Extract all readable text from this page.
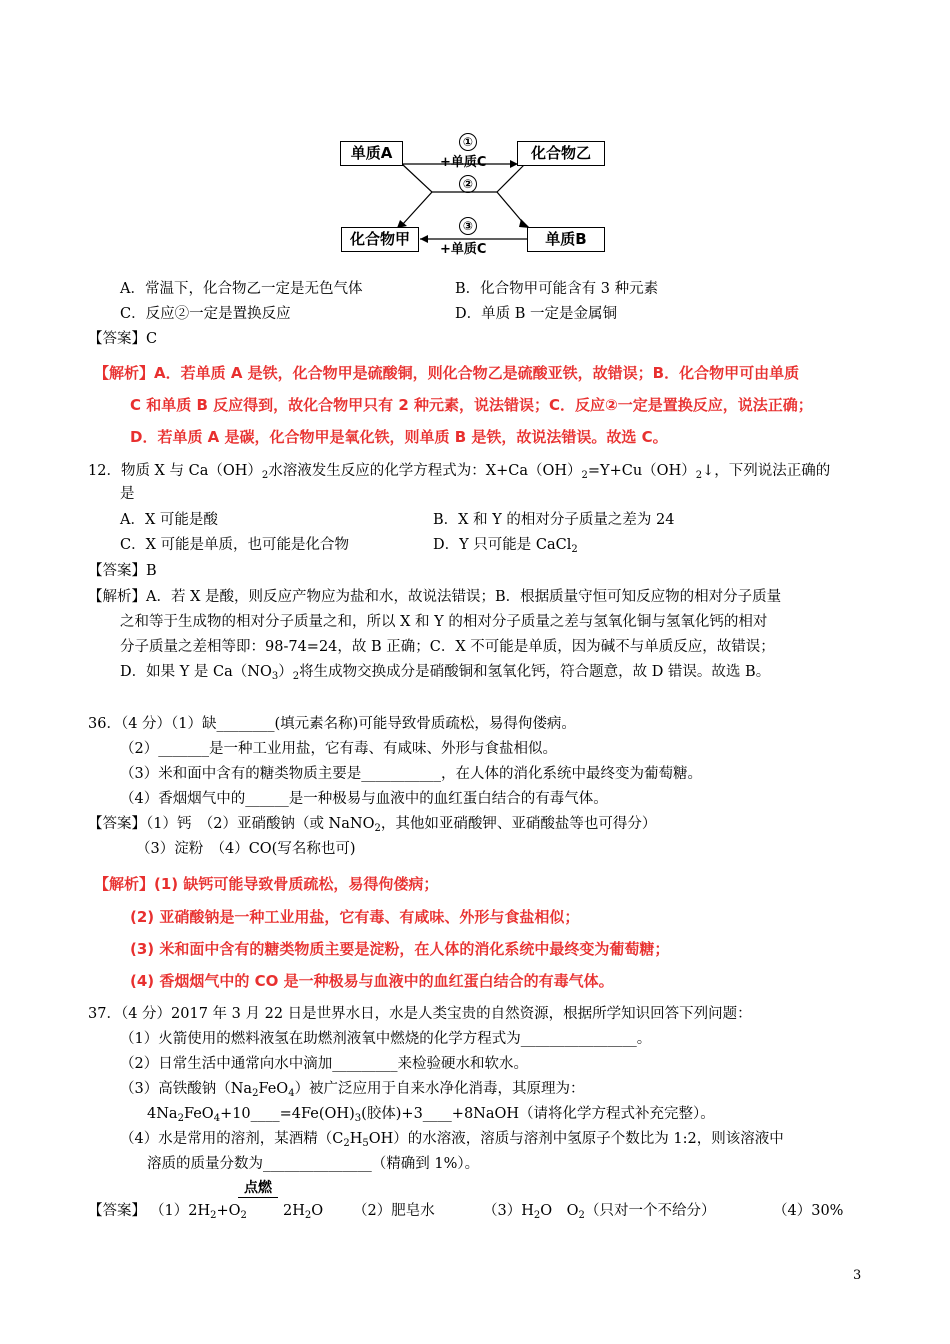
单质A	化合物乙
化合物甲	单质B
①
+单质C
②
③
+单质C
A．常温下，化合物乙一定是无色气体	B．化合物甲可能含有 3 种元素
C．反应②一定是置换反应	D．单质 B 一定是金属铜
【答案】C
【解析】A．若单质 A 是铁，化合物甲是硫酸铜，则化合物乙是硫酸亚铁，故错误；B．化合物甲可由单质
C 和单质 B 反应得到，故化合物甲只有 2 种元素，说法错误；C．反应②一定是置换反应，说法正确；
D．若单质 A 是碳，化合物甲是氧化铁，则单质 B 是铁，故说法错误。故选 C。
12．物质 X 与 $Ca(OH)_2$水溶液发生反应的化学方程式为：$X+Ca(OH)_2=Y+Cu(OH)_2↓$，下列说法正确的
是
A．X 可能是酸	B．X 和 Y 的相对分子质量之差为 24
C．X 可能是单质，也可能是化合物	D．Y 只可能是 CaCl$_2$
【答案】B
【解析】A．若 X 是酸，则反应产物应为盐和水，故说法错误；B．根据质量守恒可知反应物的相对分子质量
之和等于生成物的相对分子质量之和，所以 X 和 Y 的相对分子质量之差与氢氧化铜与氢氧化钙的相对
分子质量之差相等即：98-74=24，故 B 正确；C．X 不可能是单质，因为碱不与单质反应，故错误；
D．如果 Y 是 $Ca(NO_3)_2$将生成物交换成分是硝酸铜和氢氧化钙，符合题意，故 D 错误。故选 B。
36．（4 分）（1）缺________(填元素名称)可能导致骨质疏松，易得佝偻病。
（2）_______是一种工业用盐，它有毒、有咸味、外形与食盐相似。
（3）米和面中含有的糖类物质主要是___________，在人体的消化系统中最终变为葡萄糖。
（4）香烟烟气中的______是一种极易与血液中的血红蛋白结合的有毒气体。
【答案】（1）钙　（2）亚硝酸钠（或 NaNO$_2$，其他如亚硝酸钾、亚硝酸盐等也可得分）
（3）淀粉　（4）CO(写名称也可)
【解析】(1) 缺钙可能导致骨质疏松，易得佝偻病；
(2) 亚硝酸钠是一种工业用盐，它有毒、有咸味、外形与食盐相似；
(3) 米和面中含有的糖类物质主要是淀粉，在人体的消化系统中最终变为葡萄糖；
(4) 香烟烟气中的 CO 是一种极易与血液中的血红蛋白结合的有毒气体。
37．（4 分）2017 年 3 月 22 日是世界水日，水是人类宝贵的自然资源，根据所学知识回答下列问题：
（1）火箭使用的燃料液氢在助燃剂液氧中燃烧的化学方程式为________________。
（2）日常生活中通常向水中滴加_________来检验硬水和软水。
（3）高铁酸钠$(Na_2FeO_4)$被广泛应用于自来水净化消毒，其原理为：
$4Na_2FeO_4+10\_\_\_\_=4Fe(OH)_3$(胶体)+3____+8NaOH（请将化学方程式补充完整）。
（4）水是常用的溶剂，某酒精$(C_2H_5OH)$的水溶液，溶质与溶剂中氢原子个数比为 1:2，则该溶液中
溶质的质量分数为_______________（精确到 1%）。
点燃
【答案】 $(1)2H_2+O_2$ $2H_2O$ （2）肥皂水	$(3)H_2O$　$O_2$ （只对一个不给分）	（4）30%
3
